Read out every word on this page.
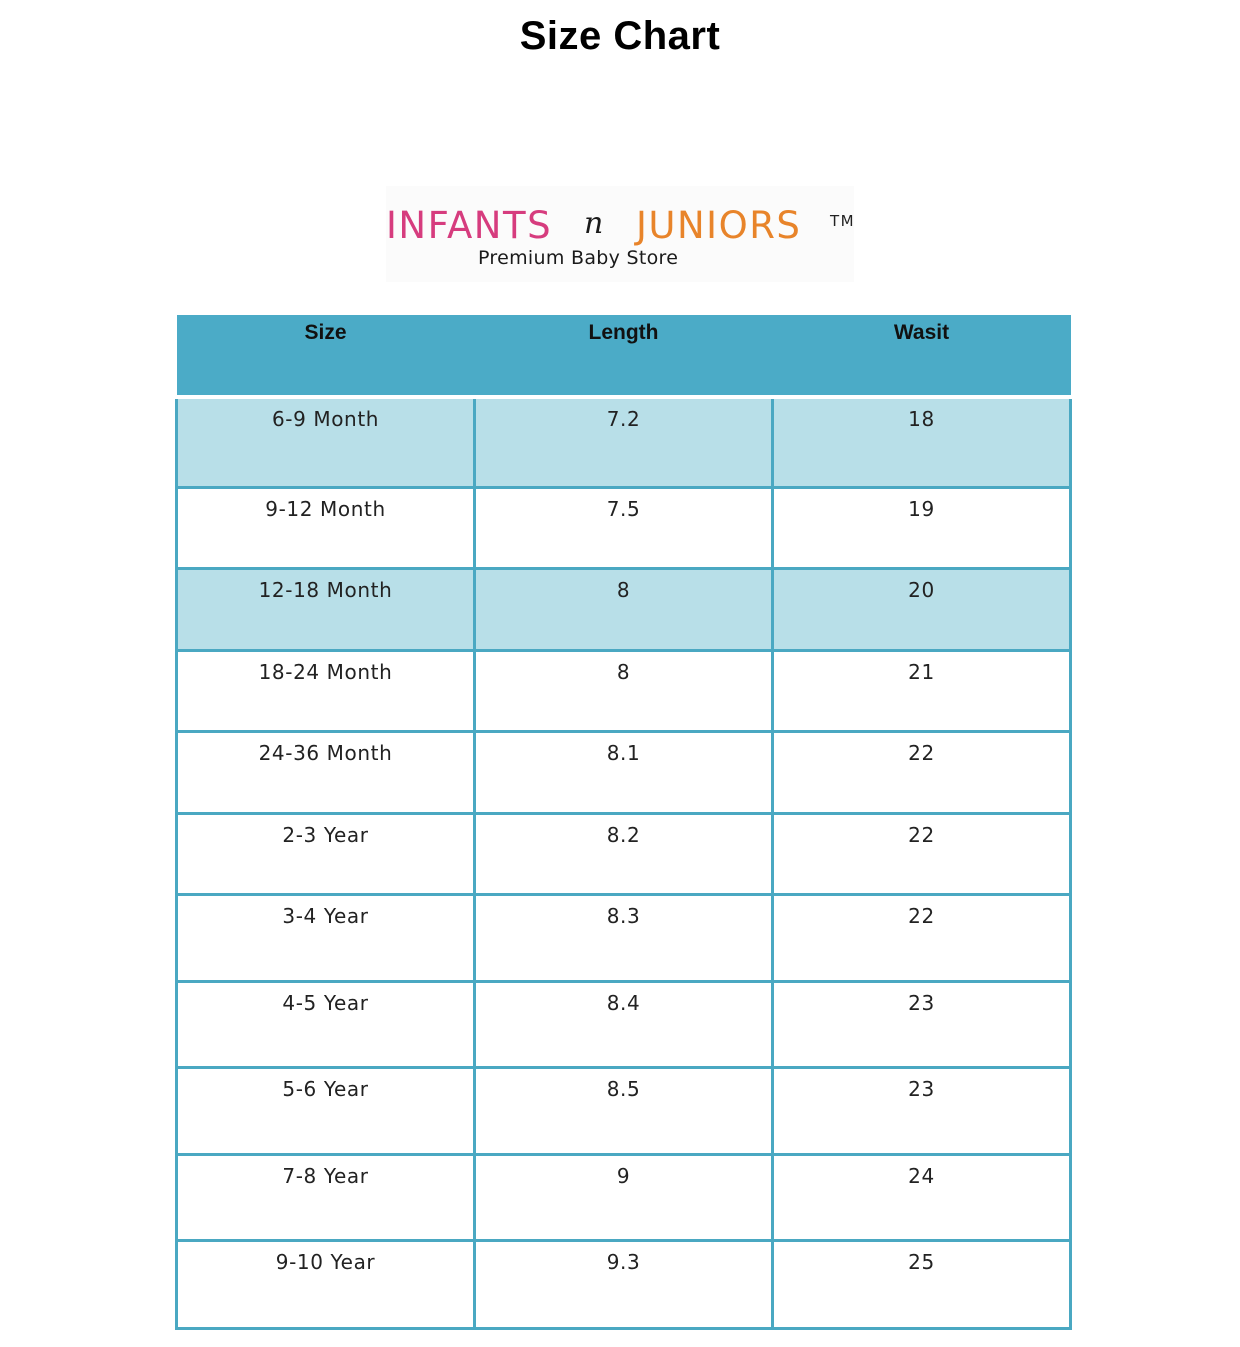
Size Chart
INFANTS n JUNIORS TM
Premium Baby Store
Size	Length	Wasit
6-9 Month	7.2	18
9-12 Month	7.5	19
12-18 Month	8	20
18-24 Month	8	21
24-36 Month	8.1	22
2-3 Year	8.2	22
3-4 Year	8.3	22
4-5 Year	8.4	23
5-6 Year	8.5	23
7-8 Year	9	24
9-10 Year	9.3	25
